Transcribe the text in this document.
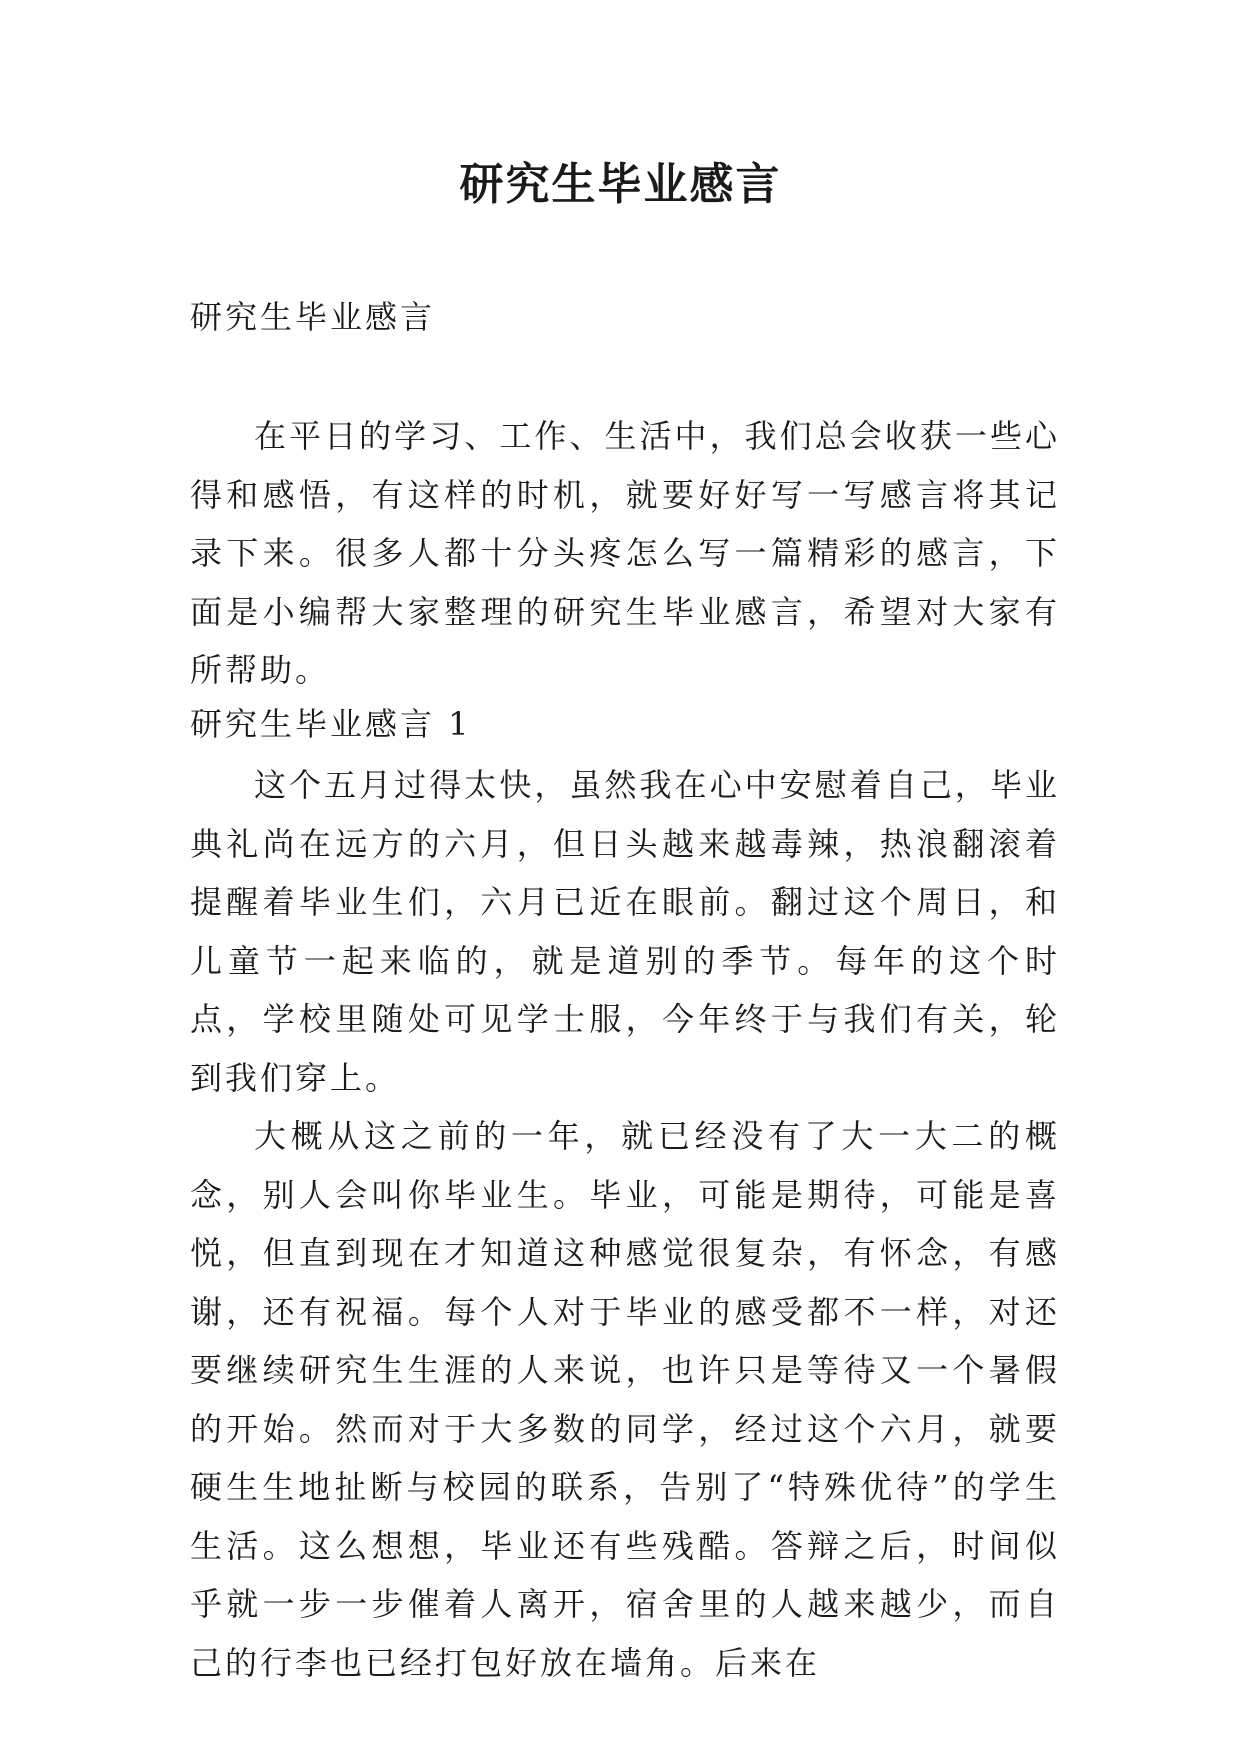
研究生毕业感言
研究生毕业感言

在平日的学习、工作、生活中，我们总会收获一些心得和感悟，有这样的时机，就要好好写一写感言将其记录下来。很多人都十分头疼怎么写一篇精彩的感言，下面是小编帮大家整理的研究生毕业感言，希望对大家有所帮助。

研究生毕业感言 1

这个五月过得太快，虽然我在心中安慰着自己，毕业典礼尚在远方的六月，但日头越来越毒辣，热浪翻滚着提醒着毕业生们，六月已近在眼前。翻过这个周日，和儿童节一起来临的，就是道别的季节。每年的这个时点，学校里随处可见学士服，今年终于与我们有关，轮到我们穿上。

大概从这之前的一年，就已经没有了大一大二的概念，别人会叫你毕业生。毕业，可能是期待，可能是喜悦，但直到现在才知道这种感觉很复杂，有怀念，有感谢，还有祝福。每个人对于毕业的感受都不一样，对还要继续研究生生涯的人来说，也许只是等待又一个暑假的开始。然而对于大多数的同学，经过这个六月，就要硬生生地扯断与校园的联系，告别了“特殊优待”的学生生活。这么想想，毕业还有些残酷。答辩之后，时间似乎就一步一步催着人离开，宿舍里的人越来越少，而自己的行李也已经打包好放在墙角。后来在
